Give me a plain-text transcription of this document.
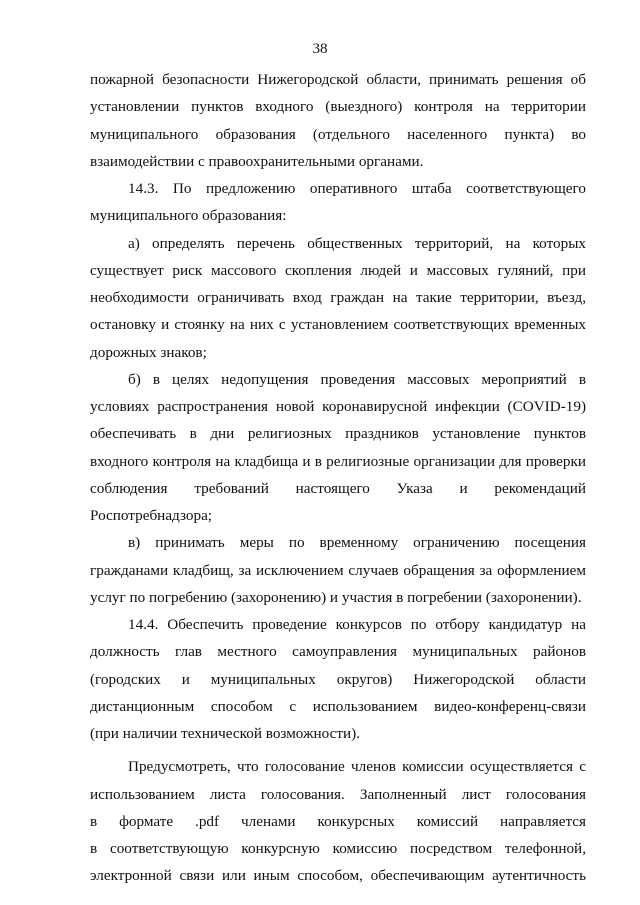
38
пожарной безопасности Нижегородской области, принимать решения об
установлении пунктов входного (выездного) контроля на территории
муниципального образования (отдельного населенного пункта) во
взаимодействии с правоохранительными органами.
14.3. По предложению оперативного штаба соответствующего
муниципального образования:
а) определять перечень общественных территорий, на которых
существует риск массового скопления людей и массовых гуляний, при
необходимости ограничивать вход граждан на такие территории, въезд,
остановку и стоянку на них с установлением соответствующих временных
дорожных знаков;
б) в целях недопущения проведения массовых мероприятий в
условиях распространения новой коронавирусной инфекции (COVID-19)
обеспечивать в дни религиозных праздников установление пунктов
входного контроля на кладбища и в религиозные организации для проверки
соблюдения требований настоящего Указа и рекомендаций
Роспотребнадзора;
в) принимать меры по временному ограничению посещения
гражданами кладбищ, за исключением случаев обращения за оформлением
услуг по погребению (захоронению) и участия в погребении (захоронении).
14.4. Обеспечить проведение конкурсов по отбору кандидатур на
должность глав местного самоуправления муниципальных районов
(городских и муниципальных округов) Нижегородской области
дистанционным способом с использованием видео-конференц-связи
(при наличии технической возможности).
Предусмотреть, что голосование членов комиссии осуществляется с
использованием листа голосования. Заполненный лист голосования
в формате .pdf членами конкурсных комиссий направляется
в соответствующую конкурсную комиссию посредством телефонной,
электронной связи или иным способом, обеспечивающим аутентичность
